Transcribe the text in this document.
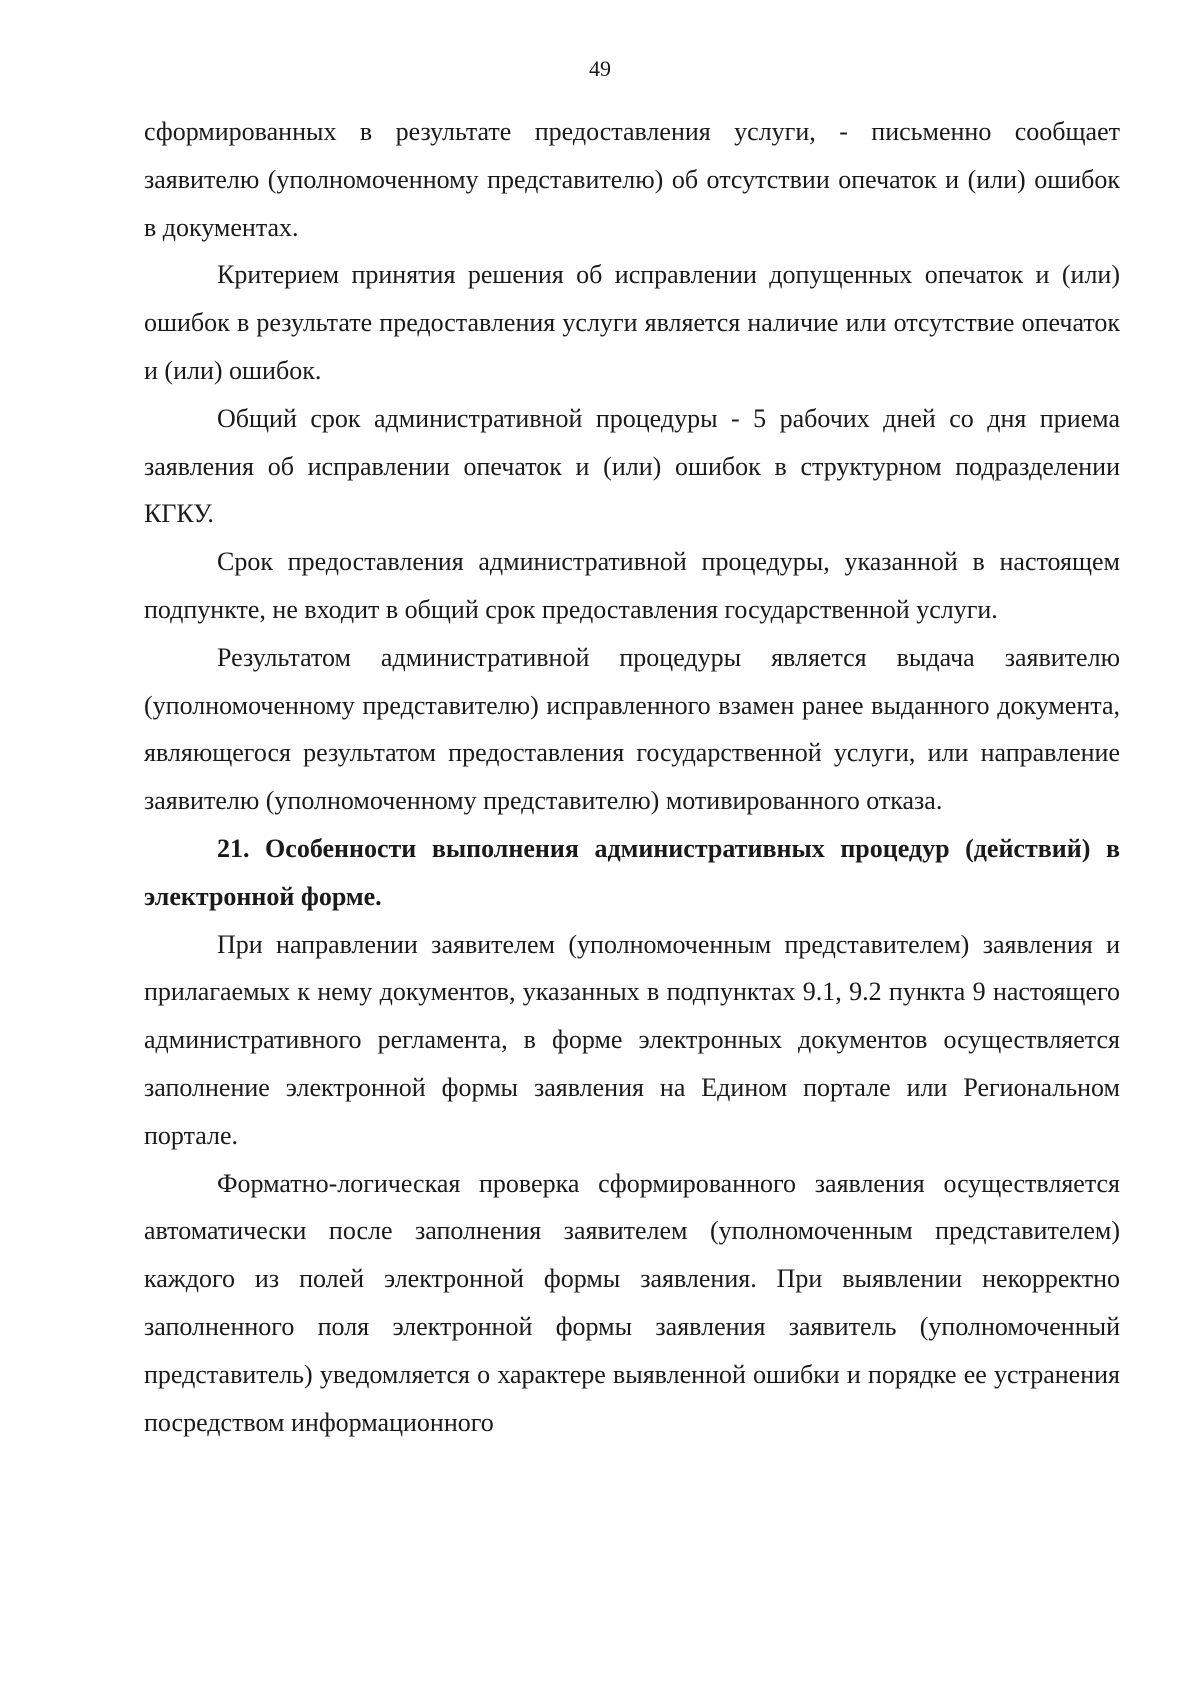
49

сформированных в результате предоставления услуги, - письменно сообщает заявителю (уполномоченному представителю) об отсутствии опечаток и (или) ошибок в документах.

Критерием принятия решения об исправлении допущенных опечаток и (или) ошибок в результате предоставления услуги является наличие или отсутствие опечаток и (или) ошибок.

Общий срок административной процедуры - 5 рабочих дней со дня приема заявления об исправлении опечаток и (или) ошибок в структурном подразделении КГКУ.

Срок предоставления административной процедуры, указанной в настоящем подпункте, не входит в общий срок предоставления государственной услуги.

Результатом административной процедуры является выдача заявителю (уполномоченному представителю) исправленного взамен ранее выданного документа, являющегося результатом предоставления государственной услуги, или направление заявителю (уполномоченному представителю) мотивированного отказа.

21. Особенности выполнения административных процедур (действий) в электронной форме.

При направлении заявителем (уполномоченным представителем) заявления и прилагаемых к нему документов, указанных в подпунктах 9.1, 9.2 пункта 9 настоящего административного регламента, в форме электронных документов осуществляется заполнение электронной формы заявления на Едином портале или Региональном портале.

Форматно-логическая проверка сформированного заявления осуществляется автоматически после заполнения заявителем (уполномоченным представителем) каждого из полей электронной формы заявления. При выявлении некорректно заполненного поля электронной формы заявления заявитель (уполномоченный представитель) уведомляется о характере выявленной ошибки и порядке ее устранения посредством информационного
